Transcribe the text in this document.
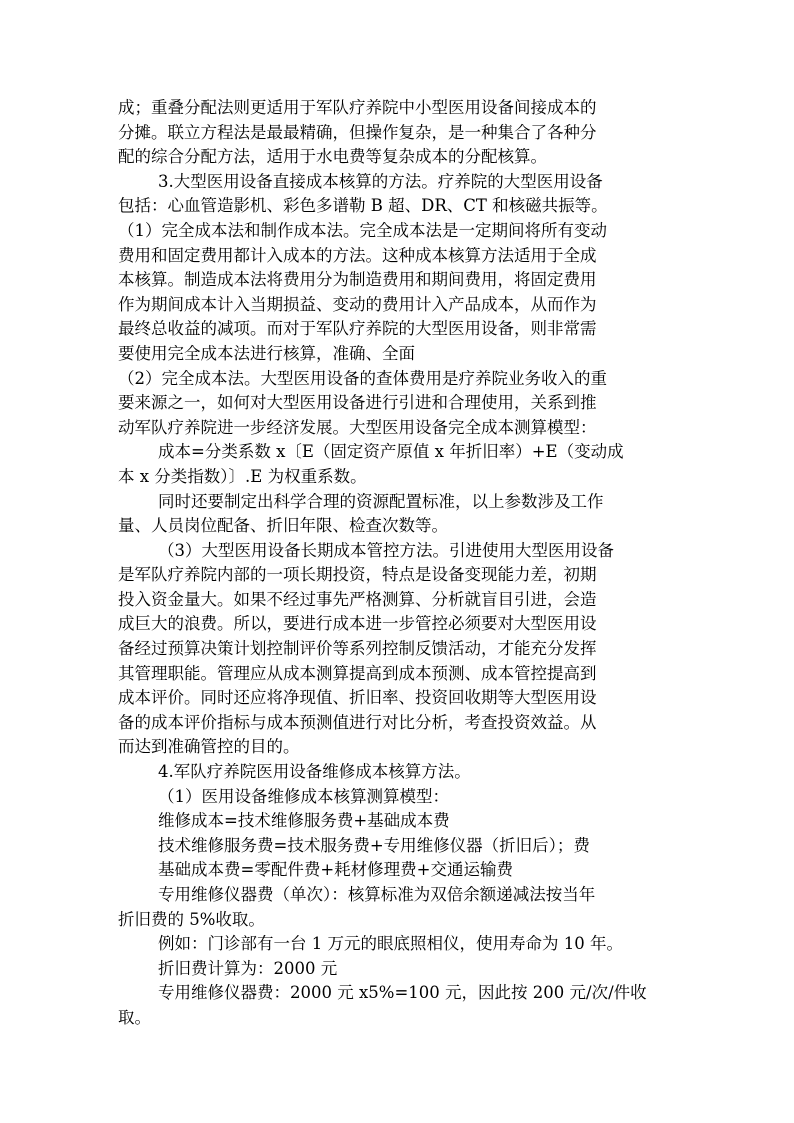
成；重叠分配法则更适用于军队疗养院中小型医用设备间接成本的

分摊。联立方程法是最最精确，但操作复杂，是一种集合了各种分

配的综合分配方法，适用于水电费等复杂成本的分配核算。

3.大型医用设备直接成本核算的方法。疗养院的大型医用设备

包括：心血管造影机、彩色多谱勒 B 超、DR、CT 和核磁共振等。

（1）完全成本法和制作成本法。完全成本法是一定期间将所有变动

费用和固定费用都计入成本的方法。这种成本核算方法适用于全成

本核算。制造成本法将费用分为制造费用和期间费用，将固定费用

作为期间成本计入当期损益、变动的费用计入产品成本，从而作为

最终总收益的减项。而对于军队疗养院的大型医用设备，则非常需

要使用完全成本法进行核算，准确、全面

（2）完全成本法。大型医用设备的查体费用是疗养院业务收入的重

要来源之一，如何对大型医用设备进行引进和合理使用，关系到推

动军队疗养院进一步经济发展。大型医用设备完全成本测算模型：

成本=分类系数 x〔E（固定资产原值 x 年折旧率）+E（变动成

本 x 分类指数）〕.E 为权重系数。

同时还要制定出科学合理的资源配置标准，以上参数涉及工作

量、人员岗位配备、折旧年限、检查次数等。

（3）大型医用设备长期成本管控方法。引进使用大型医用设备

是军队疗养院内部的一项长期投资，特点是设备变现能力差，初期

投入资金量大。如果不经过事先严格测算、分析就盲目引进，会造

成巨大的浪费。所以，要进行成本进一步管控必须要对大型医用设

备经过预算决策计划控制评价等系列控制反馈活动，才能充分发挥

其管理职能。管理应从成本测算提高到成本预测、成本管控提高到

成本评价。同时还应将净现值、折旧率、投资回收期等大型医用设

备的成本评价指标与成本预测值进行对比分析，考查投资效益。从

而达到准确管控的目的。

4.军队疗养院医用设备维修成本核算方法。

（1）医用设备维修成本核算测算模型：

维修成本=技术维修服务费+基础成本费

技术维修服务费=技术服务费+专用维修仪器（折旧后）；费

基础成本费=零配件费+耗材修理费+交通运输费

专用维修仪器费（单次）：核算标准为双倍余额递减法按当年

折旧费的 5%收取。

例如：门诊部有一台 1 万元的眼底照相仪，使用寿命为 10 年。

折旧费计算为：2000 元

专用维修仪器费：2000 元 x5%=100 元，因此按 200 元/次/件收

取。
